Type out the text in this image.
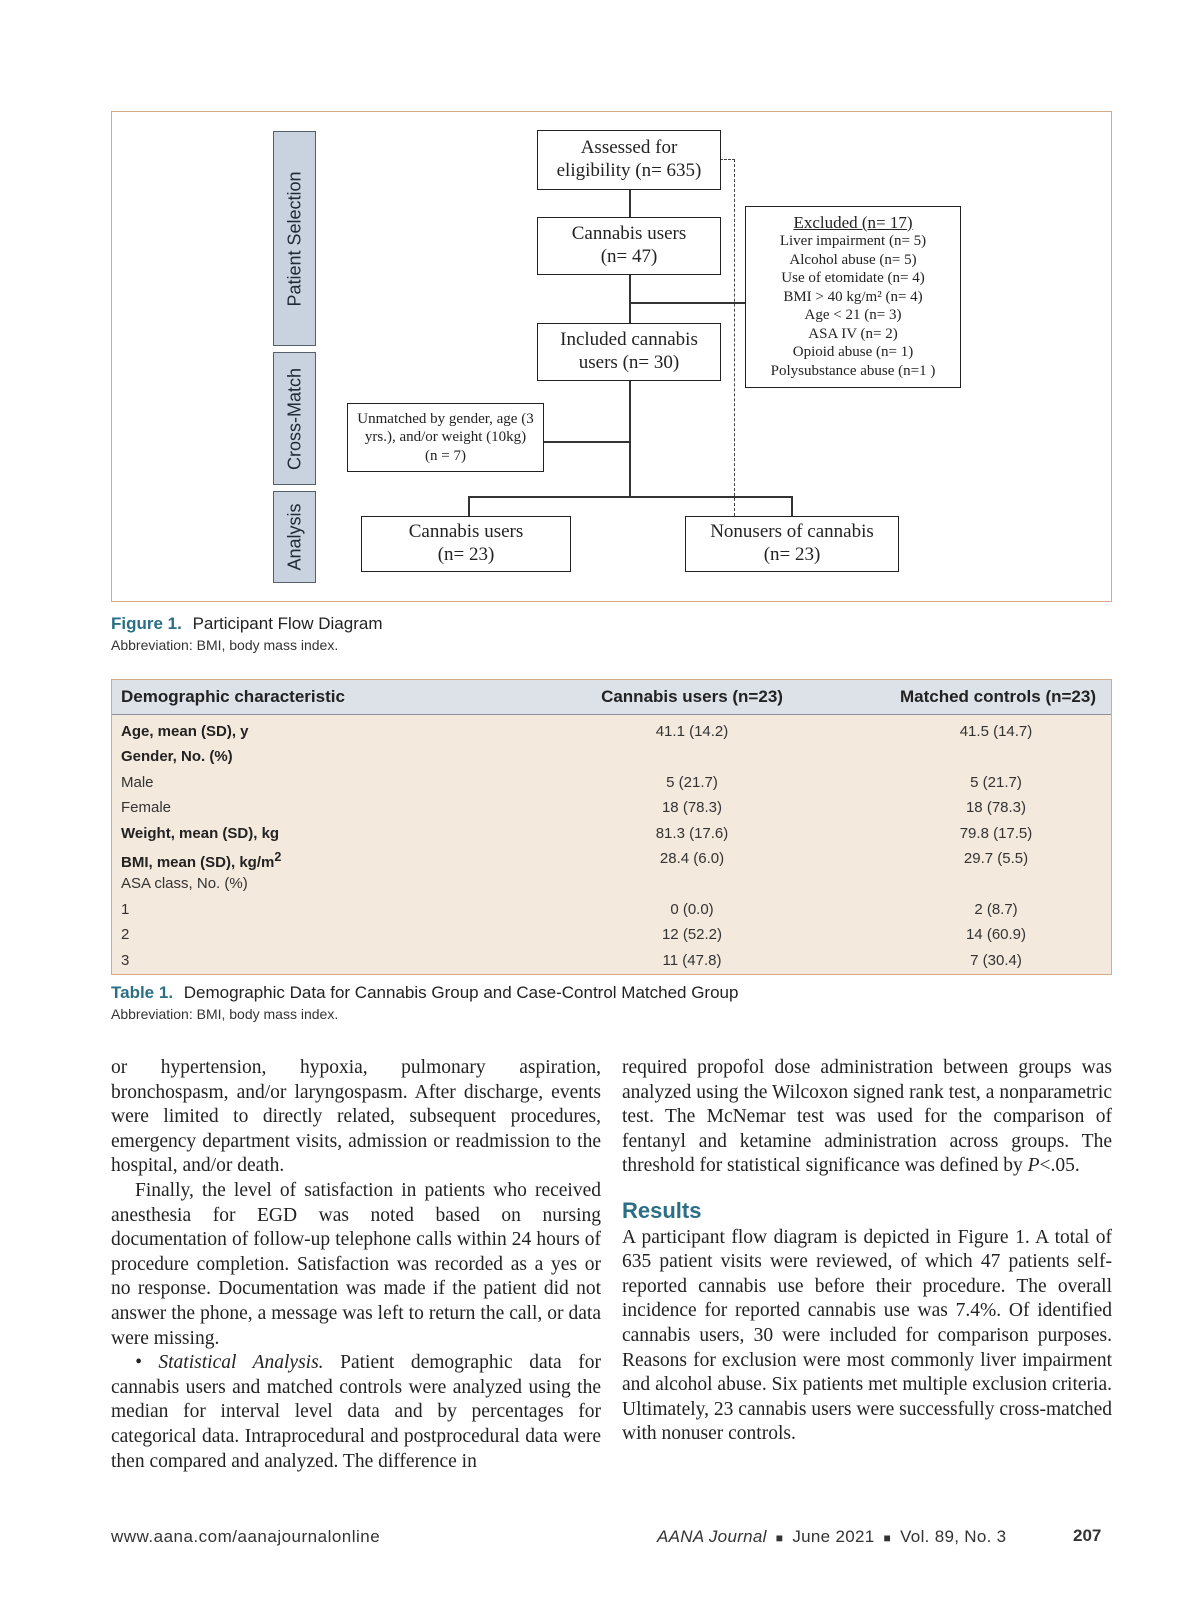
Patient Selection
Cross-Match
Analysis
Assessed for
eligibility (n= 635)
Cannabis users
(n= 47)
Included cannabis
users (n= 30)
Excluded (n= 17)
Liver impairment (n= 5)
Alcohol abuse (n= 5)
Use of etomidate (n= 4)
BMI > 40 kg/m² (n= 4)
Age < 21 (n= 3)
ASA IV (n= 2)
Opioid abuse (n= 1)
Polysubstance abuse (n=1 )
Unmatched by gender, age (3
yrs.), and/or weight (10kg)
(n = 7)
Cannabis users
(n= 23)
Nonusers of cannabis
(n= 23)
Figure 1. Participant Flow Diagram
Abbreviation: BMI, body mass index.
Demographic characteristic	Cannabis users (n=23)	Matched controls (n=23)
Age, mean (SD), y	41.1 (14.2)	41.5 (14.7)
Gender, No. (%)
Male	5 (21.7)	5 (21.7)
Female	18 (78.3)	18 (78.3)
Weight, mean (SD), kg	81.3 (17.6)	79.8 (17.5)
BMI, mean (SD), $kg/m^2$	28.4 (6.0)	29.7 (5.5)
ASA class, No. (%)
1	0 (0.0)	2 (8.7)
2	12 (52.2)	14 (60.9)
3	11 (47.8)	7 (30.4)
Table 1. Demographic Data for Cannabis Group and Case-Control Matched Group
Abbreviation: BMI, body mass index.

or hypertension, hypoxia, pulmonary aspiration, bronchospasm, and/or laryngospasm. After discharge, events were limited to directly related, subsequent procedures, emergency department visits, admission or readmission to the hospital, and/or death.

Finally, the level of satisfaction in patients who received anesthesia for EGD was noted based on nursing documentation of follow-up telephone calls within 24 hours of procedure completion. Satisfaction was recorded as a yes or no response. Documentation was made if the patient did not answer the phone, a message was left to return the call, or data were missing.

• Statistical Analysis. Patient demographic data for cannabis users and matched controls were analyzed using the median for interval level data and by percentages for categorical data. Intraprocedural and postprocedural data were then compared and analyzed. The difference in

required propofol dose administration between groups was analyzed using the Wilcoxon signed rank test, a nonparametric test. The McNemar test was used for the comparison of fentanyl and ketamine administration across groups. The threshold for statistical significance was defined by P<.05.

Results

A participant flow diagram is depicted in Figure 1. A total of 635 patient visits were reviewed, of which 47 patients self-reported cannabis use before their procedure. The overall incidence for reported cannabis use was 7.4%. Of identified cannabis users, 30 were included for comparison purposes. Reasons for exclusion were most commonly liver impairment and alcohol abuse. Six patients met multiple exclusion criteria. Ultimately, 23 cannabis users were successfully cross-matched with nonuser controls.

www.aana.com/aanajournalonline	AANA Journal ■ June 2021 ■ Vol. 89, No. 3	207
